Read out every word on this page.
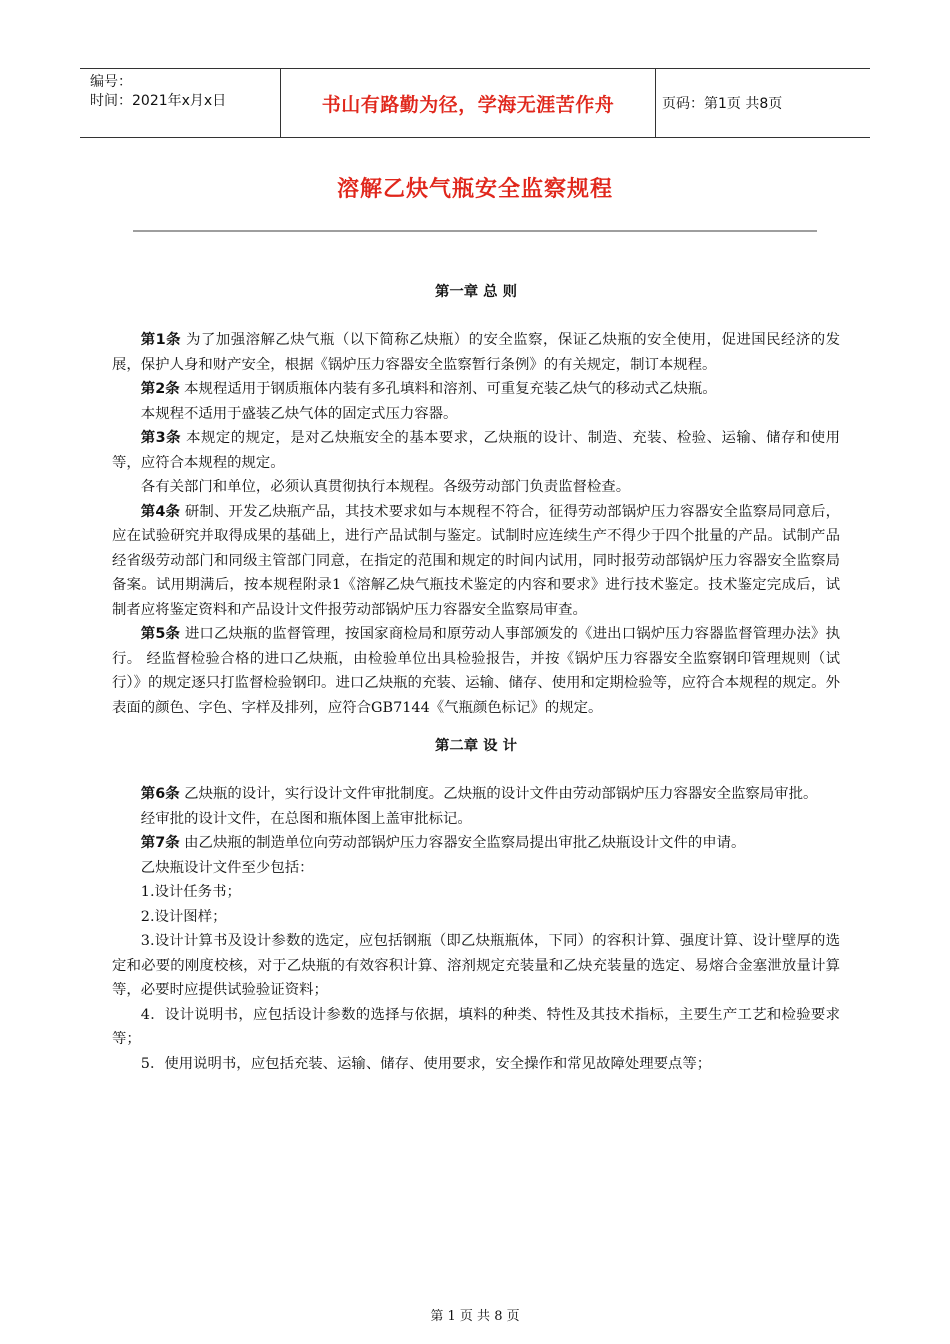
编号：
时间：2021年x月x日	书山有路勤为径，学海无涯苦作舟	页码：第1页 共8页
溶解乙炔气瓶安全监察规程
第一章 总 则

第1条 为了加强溶解乙炔气瓶（以下简称乙炔瓶）的安全监察，保证乙炔瓶的安全使用，促进国民经济的发展，保护人身和财产安全，根据《锅炉压力容器安全监察暂行条例》的有关规定，制订本规程。

第2条 本规程适用于钢质瓶体内装有多孔填料和溶剂、可重复充装乙炔气的移动式乙炔瓶。

本规程不适用于盛装乙炔气体的固定式压力容器。

第3条 本规定的规定，是对乙炔瓶安全的基本要求，乙炔瓶的设计、制造、充装、检验、运输、储存和使用等，应符合本规程的规定。

各有关部门和单位，必须认真贯彻执行本规程。各级劳动部门负责监督检查。

第4条 研制、开发乙炔瓶产品，其技术要求如与本规程不符合，征得劳动部锅炉压力容器安全监察局同意后，应在试验研究并取得成果的基础上，进行产品试制与鉴定。试制时应连续生产不得少于四个批量的产品。试制产品经省级劳动部门和同级主管部门同意，在指定的范围和规定的时间内试用，同时报劳动部锅炉压力容器安全监察局备案。试用期满后，按本规程附录1《溶解乙炔气瓶技术鉴定的内容和要求》进行技术鉴定。技术鉴定完成后，试制者应将鉴定资料和产品设计文件报劳动部锅炉压力容器安全监察局审查。

第5条 进口乙炔瓶的监督管理，按国家商检局和原劳动人事部颁发的《进出口锅炉压力容器监督管理办法》执行。 经监督检验合格的进口乙炔瓶，由检验单位出具检验报告，并按《锅炉压力容器安全监察钢印管理规则（试行）》的规定逐只打监督检验钢印。进口乙炔瓶的充装、运输、储存、使用和定期检验等，应符合本规程的规定。外表面的颜色、字色、字样及排列，应符合GB7144《气瓶颜色标记》的规定。

第二章 设 计

第6条 乙炔瓶的设计，实行设计文件审批制度。乙炔瓶的设计文件由劳动部锅炉压力容器安全监察局审批。

经审批的设计文件，在总图和瓶体图上盖审批标记。

第7条 由乙炔瓶的制造单位向劳动部锅炉压力容器安全监察局提出审批乙炔瓶设计文件的申请。

乙炔瓶设计文件至少包括：

1.设计任务书；

2.设计图样；

3.设计计算书及设计参数的选定，应包括钢瓶（即乙炔瓶瓶体，下同）的容积计算、强度计算、设计壁厚的选定和必要的刚度校核，对于乙炔瓶的有效容积计算、溶剂规定充装量和乙炔充装量的选定、易熔合金塞泄放量计算等，必要时应提供试验验证资料；

4．设计说明书，应包括设计参数的选择与依据，填料的种类、特性及其技术指标，主要生产工艺和检验要求等；

5．使用说明书，应包括充装、运输、储存、使用要求，安全操作和常见故障处理要点等；

第 1 页 共 8 页
